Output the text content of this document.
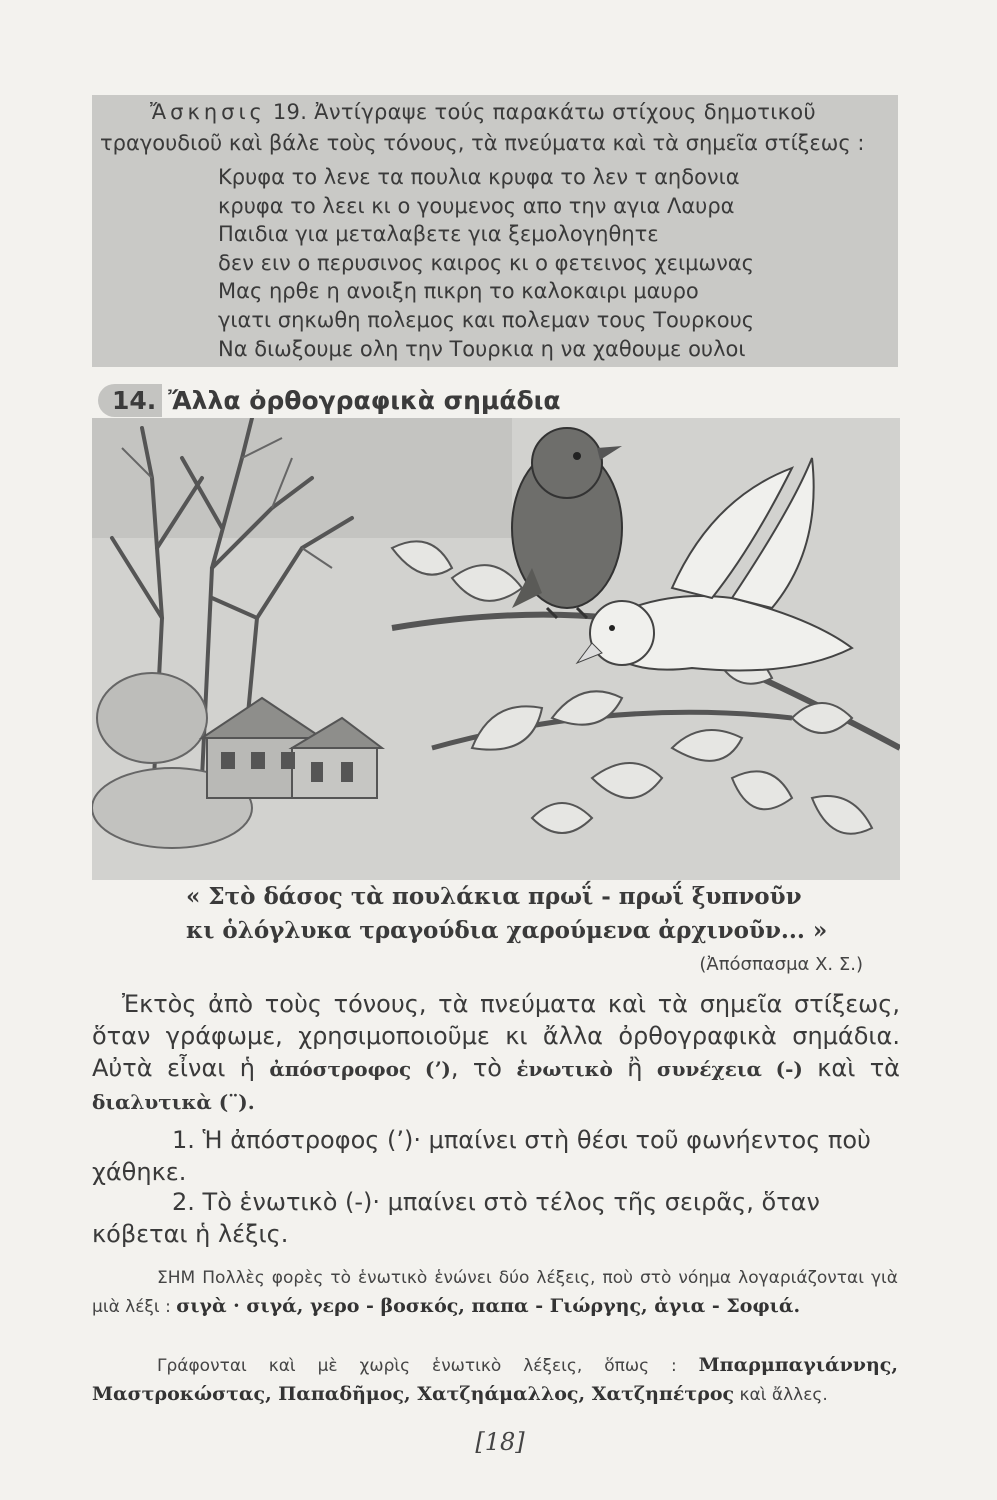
Ἄσκησις 19. Ἀντίγραψε τούς παρακάτω στίχους δημοτικοῦ
τραγουδιοῦ καὶ βάλε τοὺς τόνους, τὰ πνεύματα καὶ τὰ σημεῖα στίξεως :
Κρυφα το λενε τα πουλια κρυφα το λεν τ αηδονια
κρυφα το λεει κι ο γουμενος απο την αγια Λαυρα
Παιδια για μεταλαβετε για ξεμολογηθητε
δεν ειν ο περυσινος καιρος κι ο φετεινος χειμωνας
Μας ηρθε η ανοιξη πικρη το καλοκαιρι μαυρο
γιατι σηκωθη πολεμος και πολεμαν τους Τουρκους
Να διωξουμε ολη την Τουρκια η να χαθουμε ουλοι
14. Ἄλλα ὀρθογραφικὰ σημάδια
« Στὸ δάσος τὰ πουλάκια πρωΐ - πρωΐ ξυπνοῦν
κι ὁλόγλυκα τραγούδια χαρούμενα ἀρχινοῦν... »
(Ἀπόσπασμα Χ. Σ.)
Ἐκτὸς ἀπὸ τοὺς τόνους, τὰ πνεύματα καὶ τὰ σημεῖα στίξεως, ὅταν γράφωμε, χρησιμοποιοῦμε κι ἄλλα ὀρθογραφικὰ σημάδια. Αὐτὰ εἶναι ἡ ἀπόστροφος (ʼ), τὸ ἑνωτικὸ ἢ συνέχεια (-) καὶ τὰ διαλυτικὰ (¨).
1. Ἡ ἀπόστροφος (ʼ)· μπαίνει στὴ θέσι τοῦ φωνήεντος ποὺ χάθηκε.
2. Τὸ ἑνωτικὸ (-)· μπαίνει στὸ τέλος τῆς σειρᾶς, ὅταν κόβεται ἡ λέξις.
ΣΗΜ Πολλὲς φορὲς τὸ ἑνωτικὸ ἑνώνει δύο λέξεις, ποὺ στὸ νόημα λογαριάζονται γιὰ μιὰ λέξι : σιγὰ · σιγά, γερο - βοσκός, παπα - Γιώργης, ἁγια - Σοφιά.
Γράφονται καὶ μὲ χωρὶς ἑνωτικὸ λέξεις, ὅπως : Μπαρμπαγιάννης, Μαστροκώστας, Παπαδῆμος, Χατζηάμαλλος, Χατζηπέτρος καὶ ἄλλες.
[18]
